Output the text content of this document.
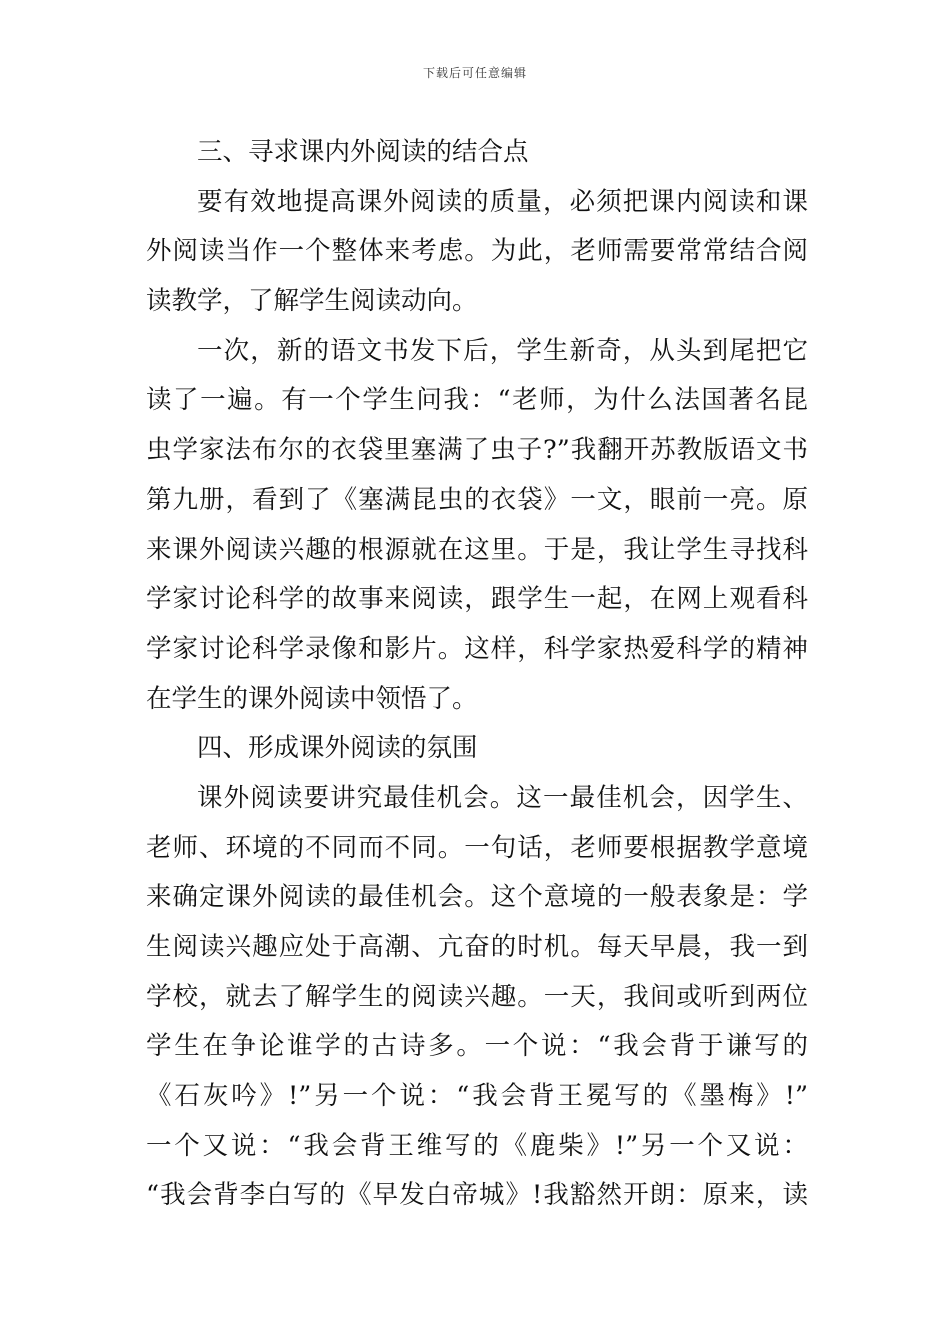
下载后可任意编辑
三、寻求课内外阅读的结合点
要有效地提高课外阅读的质量，必须把课内阅读和课
外阅读当作一个整体来考虑。为此，老师需要常常结合阅
读教学，了解学生阅读动向。
一次，新的语文书发下后，学生新奇，从头到尾把它
读了一遍。有一个学生问我：“老师，为什么法国著名昆
虫学家法布尔的衣袋里塞满了虫子?”我翻开苏教版语文书
第九册，看到了《塞满昆虫的衣袋》一文，眼前一亮。原
来课外阅读兴趣的根源就在这里。于是，我让学生寻找科
学家讨论科学的故事来阅读，跟学生一起，在网上观看科
学家讨论科学录像和影片。这样，科学家热爱科学的精神
在学生的课外阅读中领悟了。
四、形成课外阅读的氛围
课外阅读要讲究最佳机会。这一最佳机会，因学生、
老师、环境的不同而不同。一句话，老师要根据教学意境
来确定课外阅读的最佳机会。这个意境的一般表象是：学
生阅读兴趣应处于高潮、亢奋的时机。每天早晨，我一到
学校，就去了解学生的阅读兴趣。一天，我间或听到两位
学生在争论谁学的古诗多。一个说：“我会背于谦写的
《石灰吟》!”另一个说：“我会背王冕写的《墨梅》!”
一个又说：“我会背王维写的《鹿柴》!”另一个又说：
“我会背李白写的《早发白帝城》!我豁然开朗：原来，读
